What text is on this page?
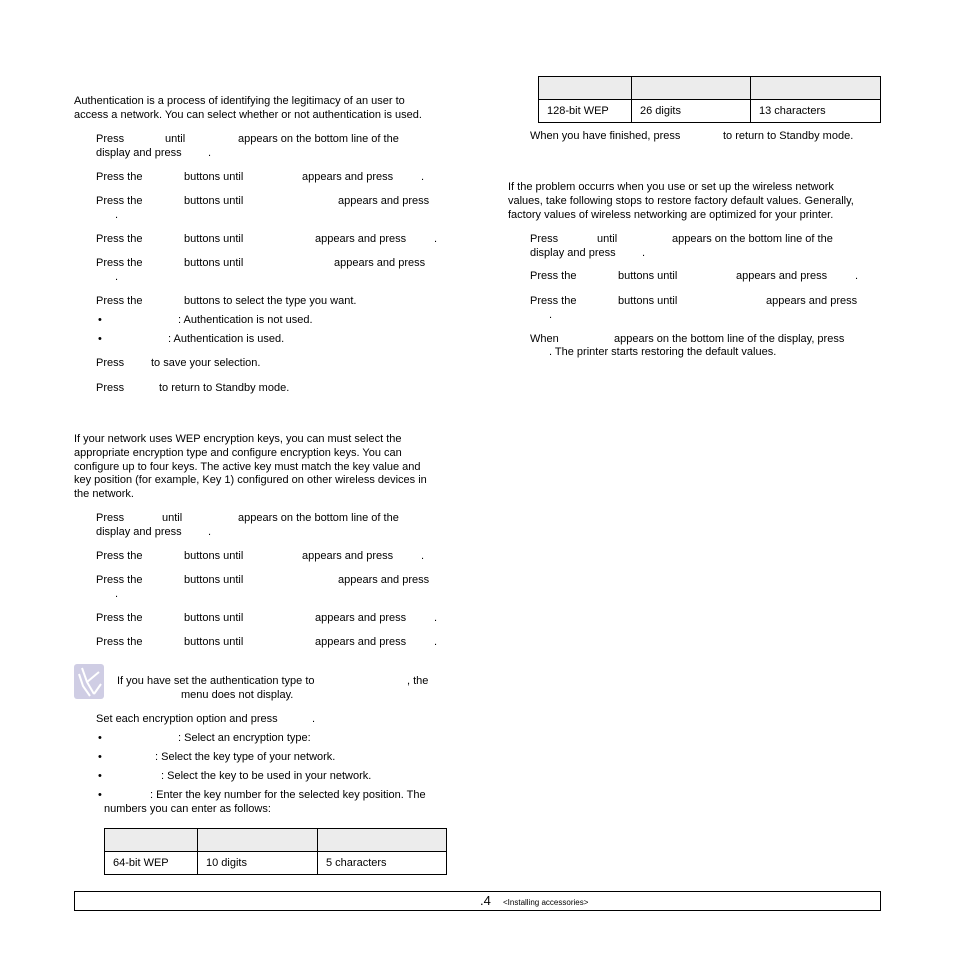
Authentication is a process of identifying the legitimacy of an user to
access a network. You can select whether or not authentication is used.
Press	until	appears on the bottom line of the
display and press .
Press the	buttons until	appears and press	.
Press the	buttons until	appears and press
.
Press the	buttons until	appears and press	.
Press the	buttons until	appears and press
.
Press the	buttons to select the type you want.
•	: Authentication is not used.
•	: Authentication is used.
Press to save your selection.
Press	to return to Standby mode.
If your network uses WEP encryption keys, you can must select the
appropriate encryption type and configure encryption keys. You can
configure up to four keys. The active key must match the key value and
key position (for example, Key 1) configured on other wireless devices in
the network.
Press	until	appears on the bottom line of the
display and press .
Press the	buttons until	appears and press	.
Press the	buttons until	appears and press
.
Press the	buttons until	appears and press	.
Press the	buttons until	appears and press	.
If you have set the authentication type to	, the
menu does not display.
Set each encryption option and press	.
•	: Select an encryption type:
•	: Select the key type of your network.
•	: Select the key to be used in your network.
•	: Enter the key number for the selected key position. The
numbers you can enter as follows:

64-bit WEP	10 digits	5 characters

128-bit WEP	26 digits	13 characters
When you have finished, press	to return to Standby mode.
If the problem occurrs when you use or set up the wireless network
values, take following stops to restore factory default values. Generally,
factory values of wireless networking are optimized for your printer.
Press	until	appears on the bottom line of the
display and press .
Press the	buttons until	appears and press	.
Press the	buttons until	appears and press
.
When	appears on the bottom line of the display, press
. The printer starts restoring the default values.
.4 <Installing accessories>
